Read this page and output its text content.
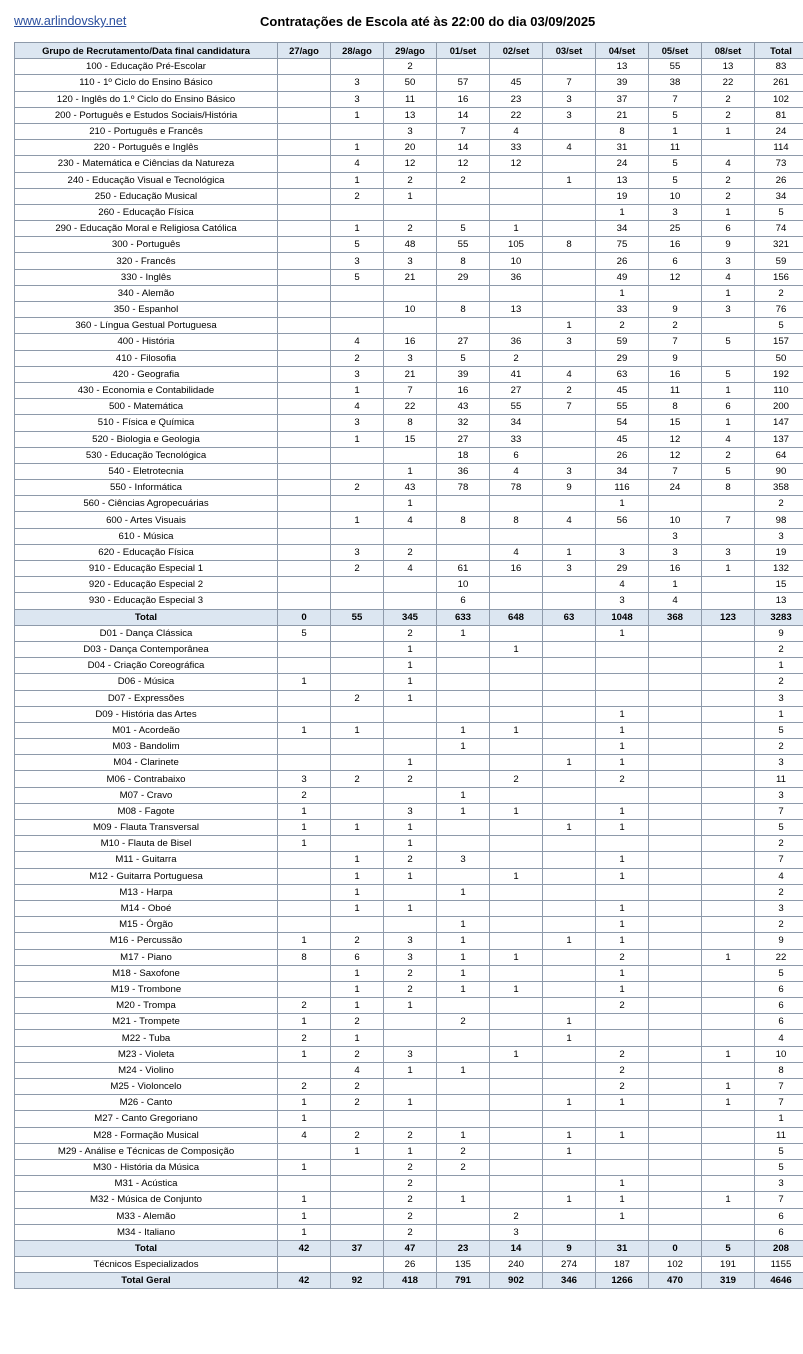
www.arlindovsky.net	Contratações de Escola até às 22:00 do dia 03/09/2025
Grupo de Recrutamento/Data final candidatura	27/ago	28/ago	29/ago	01/set	02/set	03/set	04/set	05/set	08/set	Total
100 - Educação Pré-Escolar			2				13	55	13	83
110 - 1º Ciclo do Ensino Básico		3	50	57	45	7	39	38	22	261
120 - Inglês do 1.º Ciclo do Ensino Básico		3	11	16	23	3	37	7	2	102
200 - Português e Estudos Sociais/História		1	13	14	22	3	21	5	2	81
210 - Português e Francês			3	7	4		8	1	1	24
220 - Português e Inglês		1	20	14	33	4	31	11		114
230 - Matemática e Ciências da Natureza		4	12	12	12		24	5	4	73
240 - Educação Visual e Tecnológica		1	2	2		1	13	5	2	26
250 - Educação Musical		2	1				19	10	2	34
260 - Educação Física							1	3	1	5
290 - Educação Moral e Religiosa Católica		1	2	5	1		34	25	6	74
300 - Português		5	48	55	105	8	75	16	9	321
320 - Francês		3	3	8	10		26	6	3	59
330 - Inglês		5	21	29	36		49	12	4	156
340 - Alemão							1		1	2
350 - Espanhol			10	8	13		33	9	3	76
360 - Língua Gestual Portuguesa						1	2	2		5
400 - História		4	16	27	36	3	59	7	5	157
410 - Filosofia		2	3	5	2		29	9		50
420 - Geografia		3	21	39	41	4	63	16	5	192
430 - Economia e Contabilidade		1	7	16	27	2	45	11	1	110
500 - Matemática		4	22	43	55	7	55	8	6	200
510 - Física e Química		3	8	32	34		54	15	1	147
520 - Biologia e Geologia		1	15	27	33		45	12	4	137
530 - Educação Tecnológica				18	6		26	12	2	64
540 - Eletrotecnia			1	36	4	3	34	7	5	90
550 - Informática		2	43	78	78	9	116	24	8	358
560 - Ciências Agropecuárias			1				1			2
600 - Artes Visuais		1	4	8	8	4	56	10	7	98
610 - Música								3		3
620 - Educação Física		3	2		4	1	3	3	3	19
910 - Educação Especial 1		2	4	61	16	3	29	16	1	132
920 - Educação Especial 2				10			4	1		15
930 - Educação Especial 3				6			3	4		13
Total	0	55	345	633	648	63	1048	368	123	3283
D01 - Dança Clássica	5		2	1			1			9
D03 - Dança Contemporânea			1		1					2
D04 - Criação Coreográfica			1							1
D06 - Música	1		1							2
D07 - Expressões		2	1							3
D09 - História das Artes							1			1
M01 - Acordeão	1	1		1	1		1			5
M03 - Bandolim				1			1			2
M04 - Clarinete			1			1	1			3
M06 - Contrabaixo	3	2	2		2		2			11
M07 - Cravo	2			1						3
M08 - Fagote	1		3	1	1		1			7
M09 - Flauta Transversal	1	1	1			1	1			5
M10 - Flauta de Bisel	1		1							2
M11 - Guitarra		1	2	3			1			7
M12 - Guitarra Portuguesa		1	1		1		1			4
M13 - Harpa		1		1						2
M14 - Oboé		1	1				1			3
M15 - Órgão				1			1			2
M16 - Percussão	1	2	3	1		1	1			9
M17 - Piano	8	6	3	1	1		2		1	22
M18 - Saxofone		1	2	1			1			5
M19 - Trombone		1	2	1	1		1			6
M20 - Trompa	2	1	1				2			6
M21 - Trompete	1	2		2		1				6
M22 - Tuba	2	1				1				4
M23 - Violeta	1	2	3		1		2		1	10
M24 - Violino		4	1	1			2			8
M25 - Violoncelo	2	2					2		1	7
M26 - Canto	1	2	1			1	1		1	7
M27 - Canto Gregoriano	1									1
M28 - Formação Musical	4	2	2	1		1	1			11
M29 - Análise e Técnicas de Composição		1	1	2		1				5
M30 - História da Música	1		2	2						5
M31 - Acústica			2				1			3
M32 - Música de Conjunto	1		2	1		1	1		1	7
M33 - Alemão	1		2		2		1			6
M34 - Italiano	1		2		3					6
Total	42	37	47	23	14	9	31	0	5	208
Técnicos Especializados			26	135	240	274	187	102	191	1155
Total Geral	42	92	418	791	902	346	1266	470	319	4646
